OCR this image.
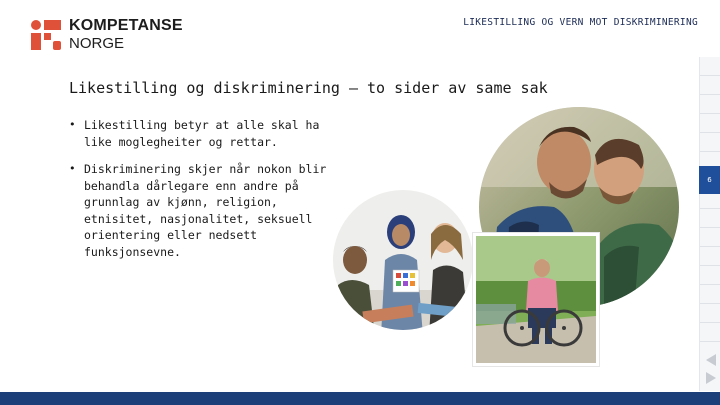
KOMPETANSE
NORGE
LIKESTILLING OG VERN MOT DISKRIMINERING
Likestilling og diskriminering – to sider av same sak
• Likestilling betyr at alle skal ha like moglegheiter og rettar.
• Diskriminering skjer når nokon blir behandla dårlegare enn andre på grunnlag av kjønn, religion, etnisitet, nasjonalitet, seksuell orientering eller nedsett funksjonsevne.
6
